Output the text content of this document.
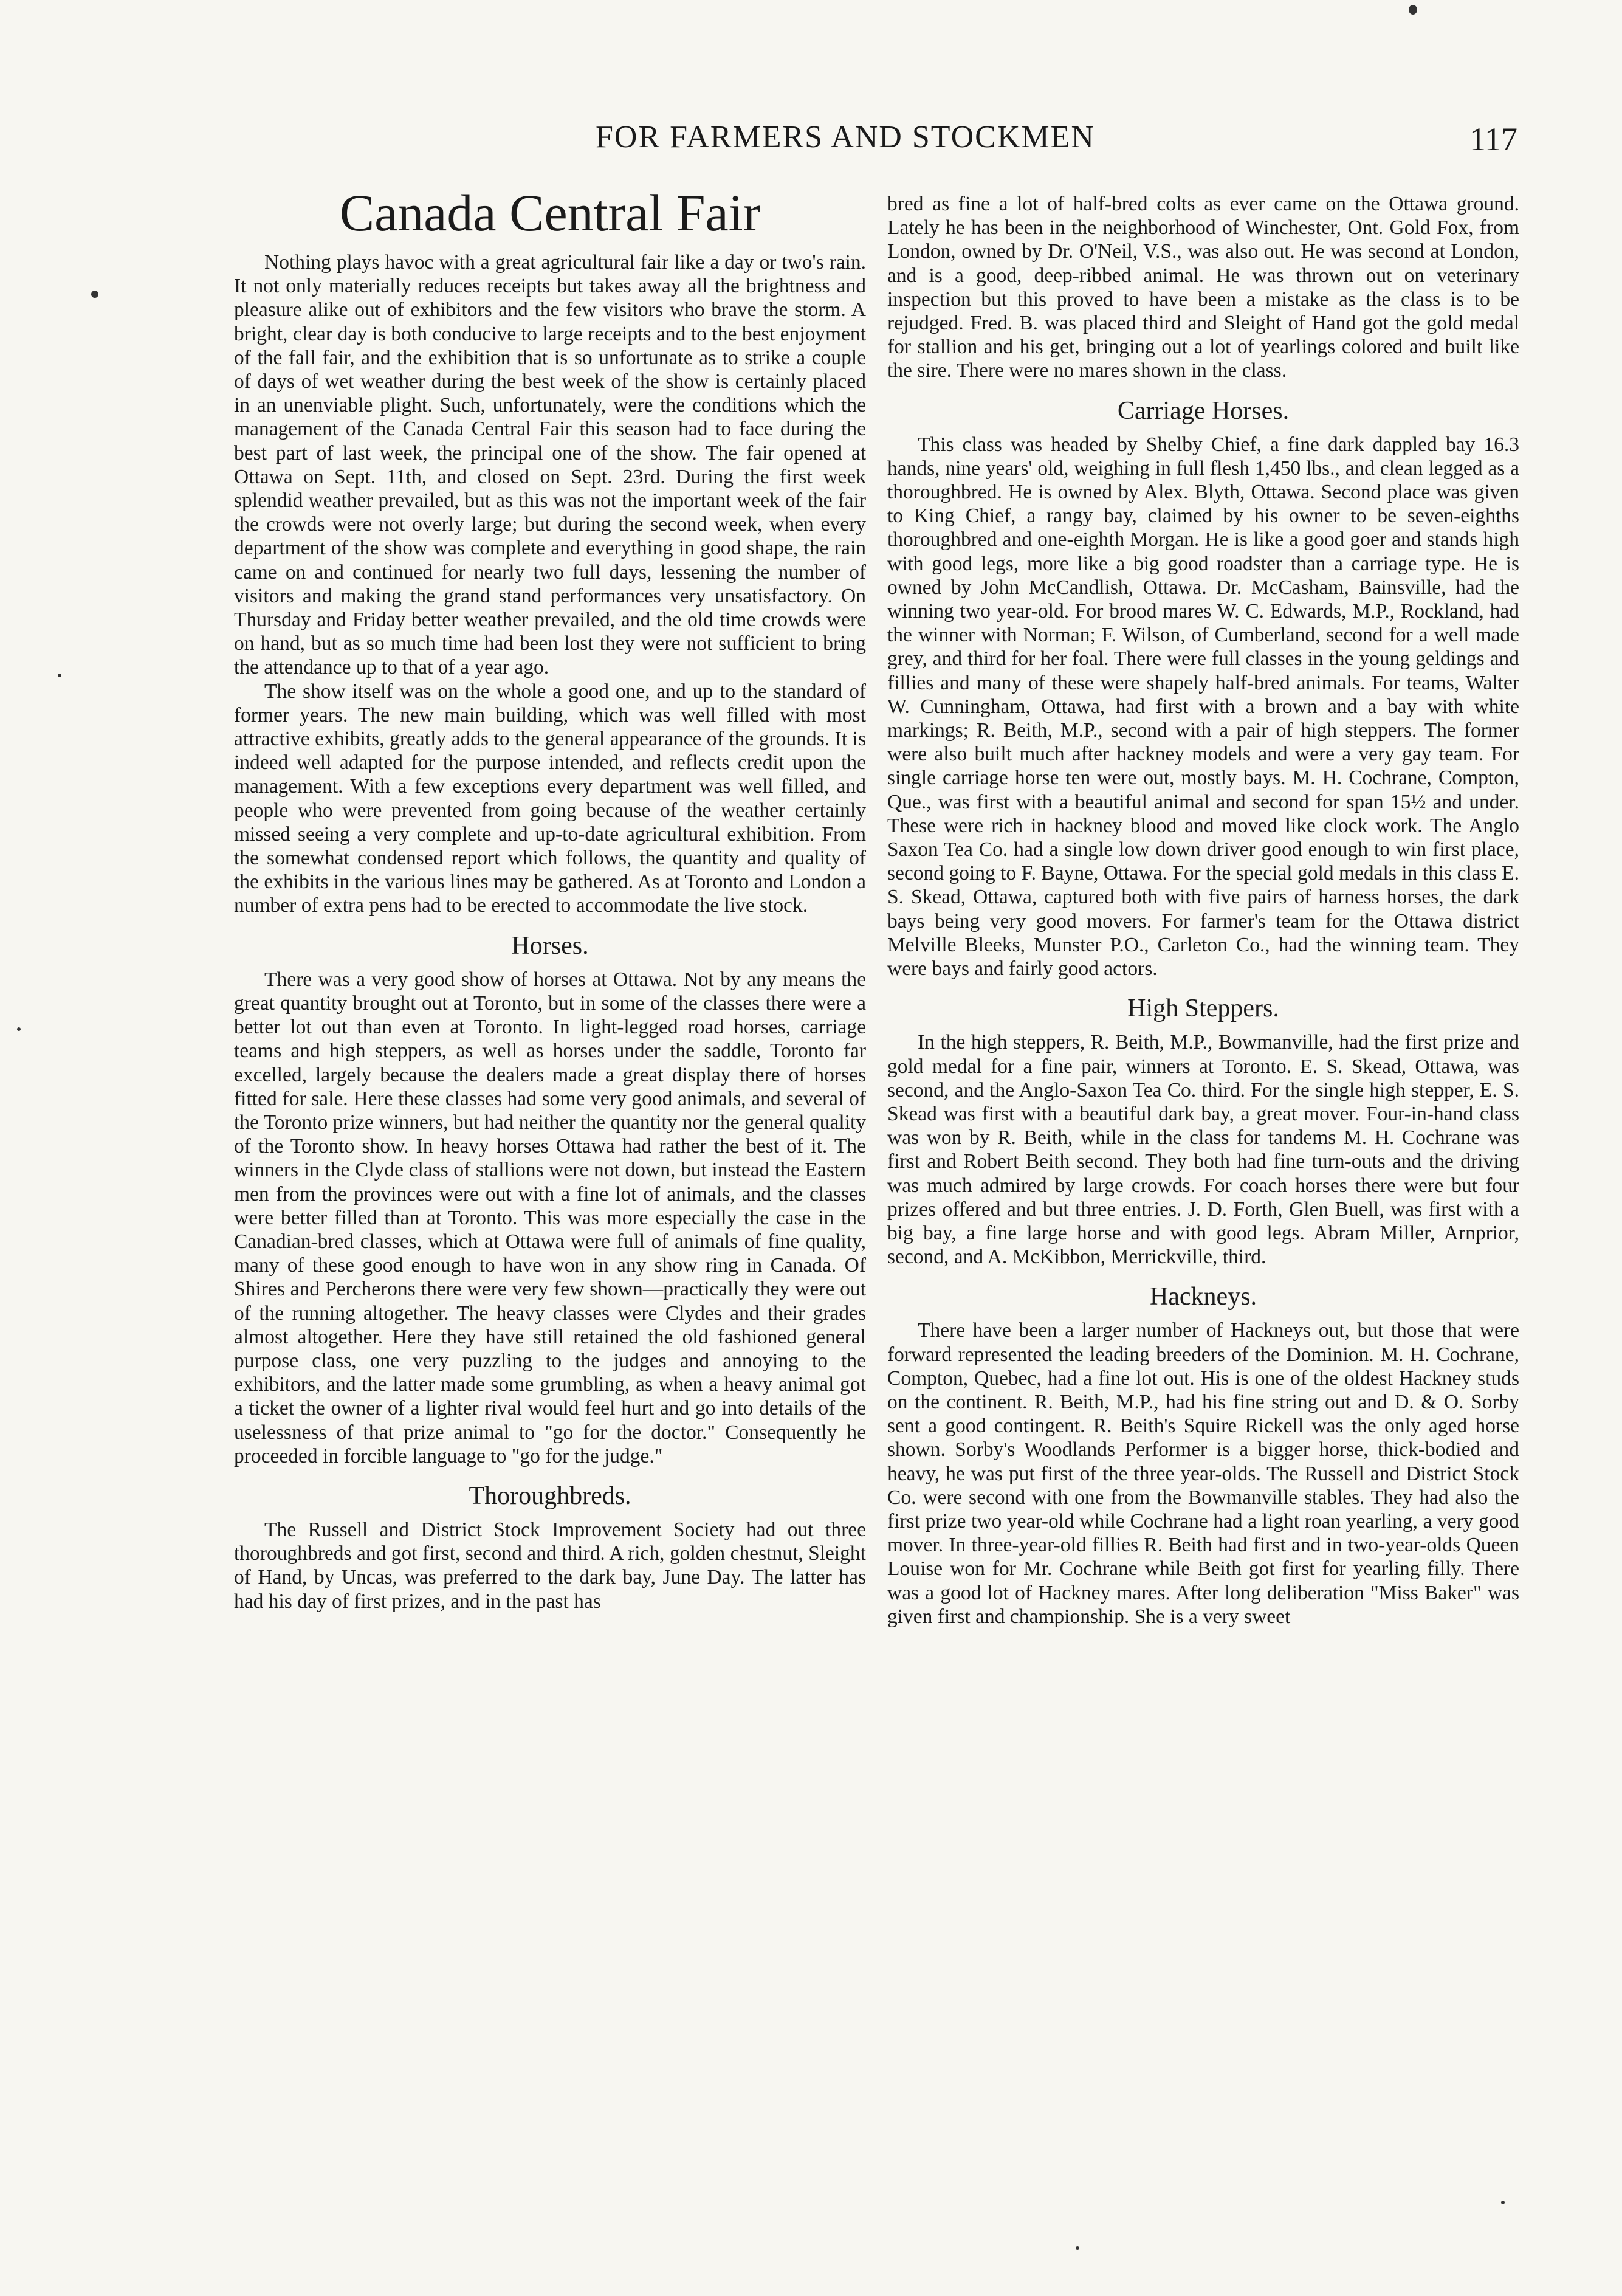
FOR FARMERS AND STOCKMEN	117
Canada Central Fair

Nothing plays havoc with a great agricultural fair like a day or two's rain. It not only materially reduces receipts but takes away all the brightness and pleasure alike out of exhibitors and the few visitors who brave the storm. A bright, clear day is both conducive to large receipts and to the best enjoyment of the fall fair, and the exhibition that is so unfortunate as to strike a couple of days of wet weather during the best week of the show is certainly placed in an unenviable plight. Such, unfortunately, were the conditions which the management of the Canada Central Fair this season had to face during the best part of last week, the principal one of the show. The fair opened at Ottawa on Sept. 11th, and closed on Sept. 23rd. During the first week splendid weather prevailed, but as this was not the important week of the fair the crowds were not overly large; but during the second week, when every department of the show was complete and everything in good shape, the rain came on and continued for nearly two full days, lessening the number of visitors and making the grand stand performances very unsatisfactory. On Thursday and Friday better weather prevailed, and the old time crowds were on hand, but as so much time had been lost they were not sufficient to bring the attendance up to that of a year ago.

The show itself was on the whole a good one, and up to the standard of former years. The new main building, which was well filled with most attractive exhibits, greatly adds to the general appearance of the grounds. It is indeed well adapted for the purpose intended, and reflects credit upon the management. With a few exceptions every department was well filled, and people who were prevented from going because of the weather certainly missed seeing a very complete and up-to-date agricultural exhibition. From the somewhat condensed report which follows, the quantity and quality of the exhibits in the various lines may be gathered. As at Toronto and London a number of extra pens had to be erected to accommodate the live stock.

Horses.

There was a very good show of horses at Ottawa. Not by any means the great quantity brought out at Toronto, but in some of the classes there were a better lot out than even at Toronto. In light-legged road horses, carriage teams and high steppers, as well as horses under the saddle, Toronto far excelled, largely because the dealers made a great display there of horses fitted for sale. Here these classes had some very good animals, and several of the Toronto prize winners, but had neither the quantity nor the general quality of the Toronto show. In heavy horses Ottawa had rather the best of it. The winners in the Clyde class of stallions were not down, but instead the Eastern men from the provinces were out with a fine lot of animals, and the classes were better filled than at Toronto. This was more especially the case in the Canadian-bred classes, which at Ottawa were full of animals of fine quality, many of these good enough to have won in any show ring in Canada. Of Shires and Percherons there were very few shown—practically they were out of the running altogether. The heavy classes were Clydes and their grades almost altogether. Here they have still retained the old fashioned general purpose class, one very puzzling to the judges and annoying to the exhibitors, and the latter made some grumbling, as when a heavy animal got a ticket the owner of a lighter rival would feel hurt and go into details of the uselessness of that prize animal to "go for the doctor." Consequently he proceeded in forcible language to "go for the judge."

Thoroughbreds.

The Russell and District Stock Improvement Society had out three thoroughbreds and got first, second and third. A rich, golden chestnut, Sleight of Hand, by Uncas, was preferred to the dark bay, June Day. The latter has had his day of first prizes, and in the past has

bred as fine a lot of half-bred colts as ever came on the Ottawa ground. Lately he has been in the neighborhood of Winchester, Ont. Gold Fox, from London, owned by Dr. O'Neil, V.S., was also out. He was second at London, and is a good, deep-ribbed animal. He was thrown out on veterinary inspection but this proved to have been a mistake as the class is to be rejudged. Fred. B. was placed third and Sleight of Hand got the gold medal for stallion and his get, bringing out a lot of yearlings colored and built like the sire. There were no mares shown in the class.

Carriage Horses.

This class was headed by Shelby Chief, a fine dark dappled bay 16.3 hands, nine years' old, weighing in full flesh 1,450 lbs., and clean legged as a thoroughbred. He is owned by Alex. Blyth, Ottawa. Second place was given to King Chief, a rangy bay, claimed by his owner to be seven-eighths thoroughbred and one-eighth Morgan. He is like a good goer and stands high with good legs, more like a big good roadster than a carriage type. He is owned by John McCandlish, Ottawa. Dr. McCasham, Bainsville, had the winning two year-old. For brood mares W. C. Edwards, M.P., Rockland, had the winner with Norman; F. Wilson, of Cumberland, second for a well made grey, and third for her foal. There were full classes in the young geldings and fillies and many of these were shapely half-bred animals. For teams, Walter W. Cunningham, Ottawa, had first with a brown and a bay with white markings; R. Beith, M.P., second with a pair of high steppers. The former were also built much after hackney models and were a very gay team. For single carriage horse ten were out, mostly bays. M. H. Cochrane, Compton, Que., was first with a beautiful animal and second for span 15½ and under. These were rich in hackney blood and moved like clock work. The Anglo Saxon Tea Co. had a single low down driver good enough to win first place, second going to F. Bayne, Ottawa. For the special gold medals in this class E. S. Skead, Ottawa, captured both with five pairs of harness horses, the dark bays being very good movers. For farmer's team for the Ottawa district Melville Bleeks, Munster P.O., Carleton Co., had the winning team. They were bays and fairly good actors.

High Steppers.

In the high steppers, R. Beith, M.P., Bowmanville, had the first prize and gold medal for a fine pair, winners at Toronto. E. S. Skead, Ottawa, was second, and the Anglo-Saxon Tea Co. third. For the single high stepper, E. S. Skead was first with a beautiful dark bay, a great mover. Four-in-hand class was won by R. Beith, while in the class for tandems M. H. Cochrane was first and Robert Beith second. They both had fine turn-outs and the driving was much admired by large crowds. For coach horses there were but four prizes offered and but three entries. J. D. Forth, Glen Buell, was first with a big bay, a fine large horse and with good legs. Abram Miller, Arnprior, second, and A. McKibbon, Merrickville, third.

Hackneys.

There have been a larger number of Hackneys out, but those that were forward represented the leading breeders of the Dominion. M. H. Cochrane, Compton, Quebec, had a fine lot out. His is one of the oldest Hackney studs on the continent. R. Beith, M.P., had his fine string out and D. & O. Sorby sent a good contingent. R. Beith's Squire Rickell was the only aged horse shown. Sorby's Woodlands Performer is a bigger horse, thick-bodied and heavy, he was put first of the three year-olds. The Russell and District Stock Co. were second with one from the Bowmanville stables. They had also the first prize two year-old while Cochrane had a light roan yearling, a very good mover. In three-year-old fillies R. Beith had first and in two-year-olds Queen Louise won for Mr. Cochrane while Beith got first for yearling filly. There was a good lot of Hackney mares. After long deliberation "Miss Baker" was given first and championship. She is a very sweet
